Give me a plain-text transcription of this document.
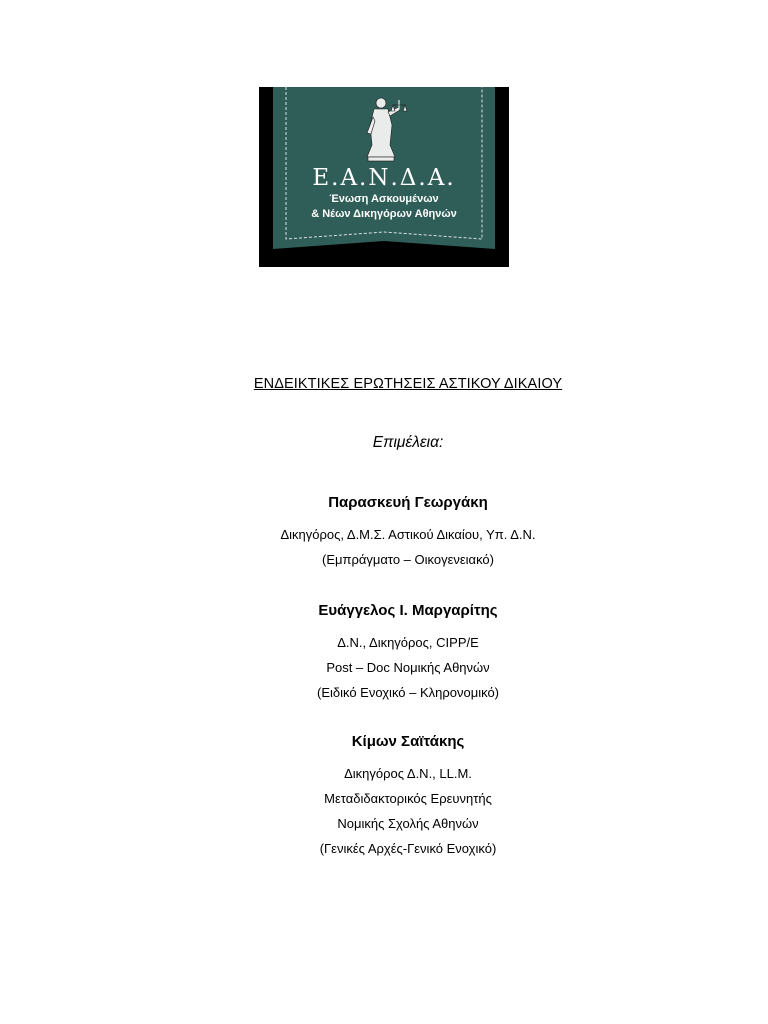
Ε.Α.Ν.Δ.Α.
Ένωση Ασκουμένων
& Νέων Δικηγόρων Αθηνών
ΕΝΔΕΙΚΤΙΚΕΣ ΕΡΩΤΗΣΕΙΣ ΑΣΤΙΚΟΥ ΔΙΚΑΙΟΥ
Επιμέλεια:
Παρασκευή Γεωργάκη
Δικηγόρος, Δ.Μ.Σ. Αστικού Δικαίου, Υπ. Δ.Ν.
(Εμπράγματο – Οικογενειακό)
Ευάγγελος Ι. Μαργαρίτης
Δ.Ν., Δικηγόρος, CIPP/E
Post – Doc Νομικής Αθηνών
(Ειδικό Ενοχικό – Κληρονομικό)
Κίμων Σαϊτάκης
Δικηγόρος Δ.Ν., LL.M.
Μεταδιδακτορικός Ερευνητής
Νομικής Σχολής Αθηνών
(Γενικές Αρχές-Γενικό Ενοχικό)
